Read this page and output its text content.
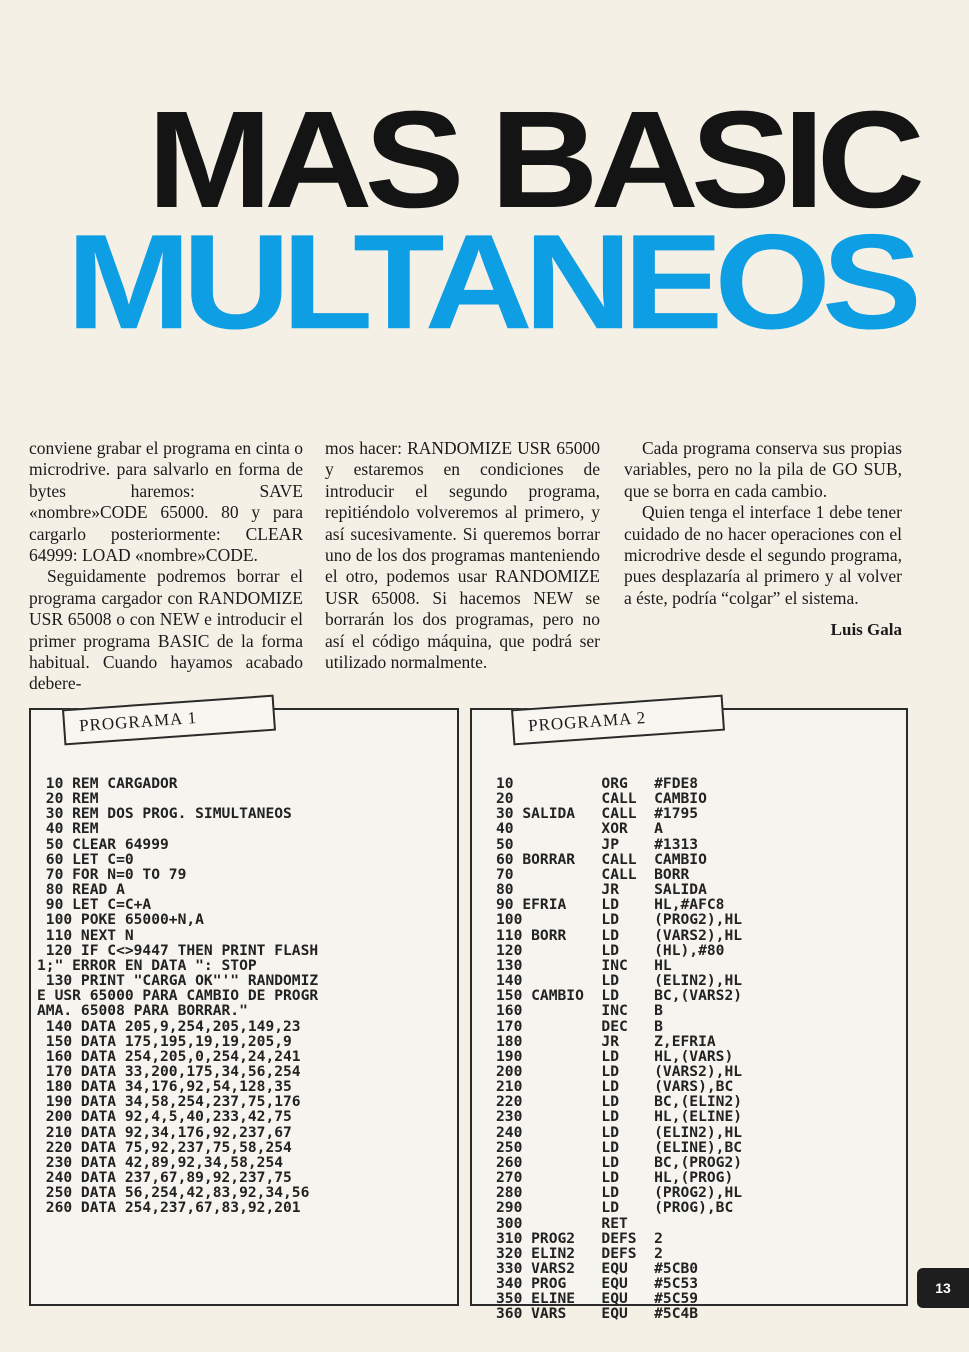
MAS BASIC
MULTANEOS

conviene grabar el programa en cinta o microdrive. para salvarlo en forma de bytes haremos: SAVE «nombre»CODE 65000. 80 y para cargarlo posteriormente: CLEAR 64999: LOAD «nombre»CODE.

Seguidamente podremos borrar el programa cargador con RANDOMIZE USR 65008 o con NEW e introducir el primer programa BASIC de la forma habitual. Cuando hayamos acabado debere-

mos hacer: RANDOMIZE USR 65000 y estaremos en condiciones de introducir el segundo programa, repitiéndolo volveremos al primero, y así sucesivamente. Si queremos borrar uno de los dos programas manteniendo el otro, podemos usar RANDOMIZE USR 65008. Si hacemos NEW se borrarán los dos programas, pero no así el código máquina, que podrá ser utilizado normalmente.

Cada programa conserva sus propias variables, pero no la pila de GO SUB, que se borra en cada cambio.

Quien tenga el interface 1 debe tener cuidado de no hacer operaciones con el microdrive desde el segundo programa, pues desplazaría al primero y al volver a éste, podría “colgar” el sistema.

Luis Gala
PROGRAMA 1
10 REM CARGADOR
20 REM
30 REM DOS PROG. SIMULTANEOS
40 REM
50 CLEAR 64999
60 LET C=0
70 FOR N=0 TO 79
80 READ A
90 LET C=C+A
100 POKE 65000+N,A
110 NEXT N
120 IF C<>9447 THEN PRINT FLASH
1;" ERROR EN DATA ": STOP
130 PRINT "CARGA OK"'" RANDOMIZ
E USR 65000 PARA CAMBIO DE PROGR
AMA. 65008 PARA BORRAR."
140 DATA 205,9,254,205,149,23
150 DATA 175,195,19,19,205,9
160 DATA 254,205,0,254,24,241
170 DATA 33,200,175,34,56,254
180 DATA 34,176,92,54,128,35
190 DATA 34,58,254,237,75,176
200 DATA 92,4,5,40,233,42,75
210 DATA 92,34,176,92,237,67
220 DATA 75,92,237,75,58,254
230 DATA 42,89,92,34,58,254
240 DATA 237,67,89,92,237,75
250 DATA 56,254,42,83,92,34,56
260 DATA 254,237,67,83,92,201
PROGRAMA 2
10          ORG   #FDE8
20          CALL  CAMBIO
30 SALIDA   CALL  #1795
40          XOR   A
50          JP    #1313
60 BORRAR   CALL  CAMBIO
70          CALL  BORR
80          JR    SALIDA
90 EFRIA    LD    HL,#AFC8
100         LD    (PROG2),HL
110 BORR    LD    (VARS2),HL
120         LD    (HL),#80
130         INC   HL
140         LD    (ELIN2),HL
150 CAMBIO  LD    BC,(VARS2)
160         INC   B
170         DEC   B
180         JR    Z,EFRIA
190         LD    HL,(VARS)
200         LD    (VARS2),HL
210         LD    (VARS),BC
220         LD    BC,(ELIN2)
230         LD    HL,(ELINE)
240         LD    (ELIN2),HL
250         LD    (ELINE),BC
260         LD    BC,(PROG2)
270         LD    HL,(PROG)
280         LD    (PROG2),HL
290         LD    (PROG),BC
300         RET
310 PROG2   DEFS  2
320 ELIN2   DEFS  2
330 VARS2   EQU   #5CB0
340 PROG    EQU   #5C53
350 ELINE   EQU   #5C59
360 VARS    EQU   #5C4B
13
